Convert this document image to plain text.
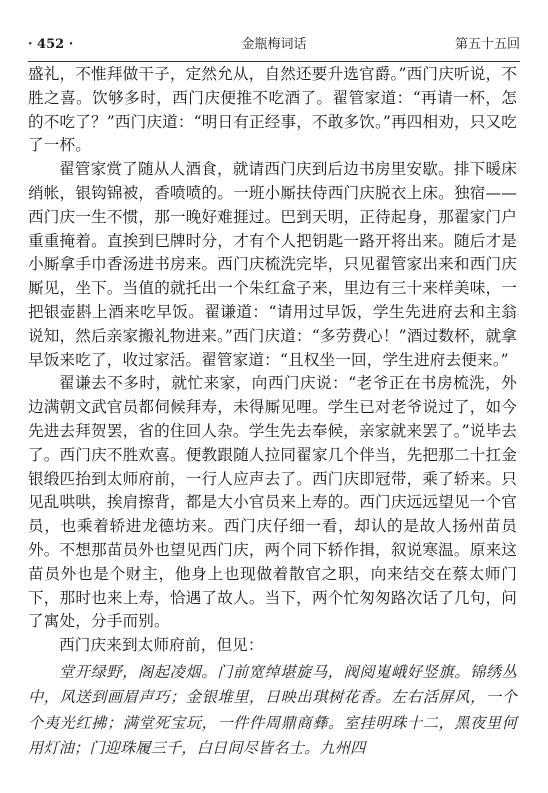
· 452 ·	金瓶梅词话	第五十五回

盛礼，不惟拜做干子，定然允从，自然还要升选官爵。”西门庆听说，不胜之喜。饮够多时，西门庆便推不吃酒了。翟管家道：“再请一杯，怎的不吃了？”西门庆道：“明日有正经事，不敢多饮。”再四相劝，只又吃了一杯。

翟管家赏了随从人酒食，就请西门庆到后边书房里安歇。排下暖床绡帐，银钩锦被，香喷喷的。一班小厮扶侍西门庆脱衣上床。独宿——西门庆一生不惯，那一晚好难捱过。巴到天明，正待起身，那翟家门户重重掩着。直挨到巳牌时分，才有个人把钥匙一路开将出来。随后才是小厮拿手巾香汤进书房来。西门庆梳洗完毕，只见翟管家出来和西门庆厮见，坐下。当值的就托出一个朱红盒子来，里边有三十来样美味，一把银壶斟上酒来吃早饭。翟谦道：“请用过早饭，学生先进府去和主翁说知，然后亲家搬礼物进来。”西门庆道：“多劳费心！”酒过数杯，就拿早饭来吃了，收过家活。翟管家道：“且权坐一回，学生进府去便来。”

翟谦去不多时，就忙来家，向西门庆说：“老爷正在书房梳洗，外边满朝文武官员都伺候拜寿，未得厮见哩。学生已对老爷说过了，如今先进去拜贺罢，省的住回人杂。学生先去奉候，亲家就来罢了。”说毕去了。西门庆不胜欢喜。便教跟随人拉同翟家几个伴当，先把那二十扛金银缎匹抬到太师府前，一行人应声去了。西门庆即冠带，乘了轿来。只见乱哄哄，挨肩擦背，都是大小官员来上寿的。西门庆远远望见一个官员，也乘着轿进龙德坊来。西门庆仔细一看，却认的是故人扬州苗员外。不想那苗员外也望见西门庆，两个同下轿作揖，叙说寒温。原来这苗员外也是个财主，他身上也现做着散官之职，向来结交在蔡太师门下，那时也来上寿，恰遇了故人。当下，两个忙匆匆路次话了几句，问了寓处，分手而别。

西门庆来到太师府前，但见：

堂开绿野，阁起凌烟。门前宽绰堪旋马，阀阅嵬峨好竖旗。锦绣丛中，风送到画眉声巧；金银堆里，日映出琪树花香。左右活屏风，一个个夷光红拂；满堂死宝玩，一件件周鼎商彝。室挂明珠十二，黑夜里何用灯油；门迎珠履三千，白日间尽皆名士。九州四
